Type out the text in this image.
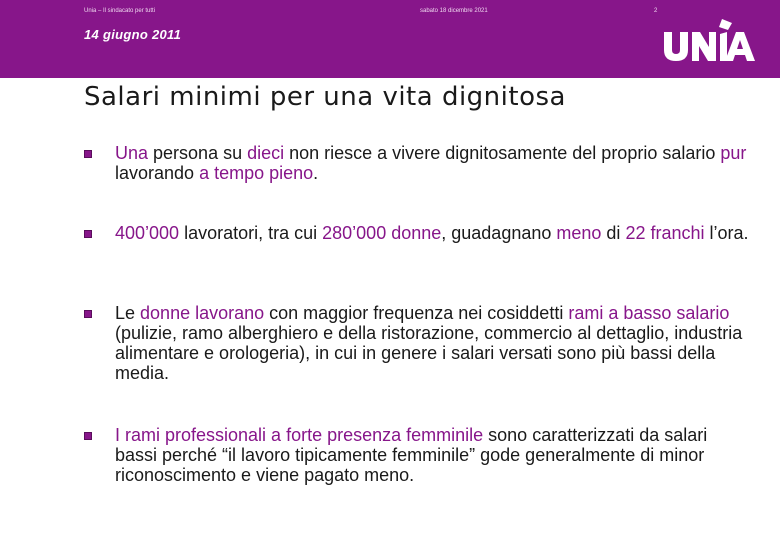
Unia – Il sindacato per tutti	sabato 18 dicembre 2021	2
14 giugno 2011
Salari minimi per una vita dignitosa
Una persona su dieci non riesce a vivere dignitosamente del proprio salario pur lavorando a tempo pieno.
400’000 lavoratori, tra cui 280’000 donne, guadagnano meno di 22 franchi l’ora.
Le donne lavorano con maggior frequenza nei cosiddetti rami a basso salario (pulizie, ramo alberghiero e della ristorazione, commercio al dettaglio, industria alimentare e orologeria), in cui in genere i salari versati sono più bassi della media.
I rami professionali a forte presenza femminile sono caratterizzati da salari bassi perché “il lavoro tipicamente femminile” gode generalmente di minor riconoscimento e viene pagato meno.
